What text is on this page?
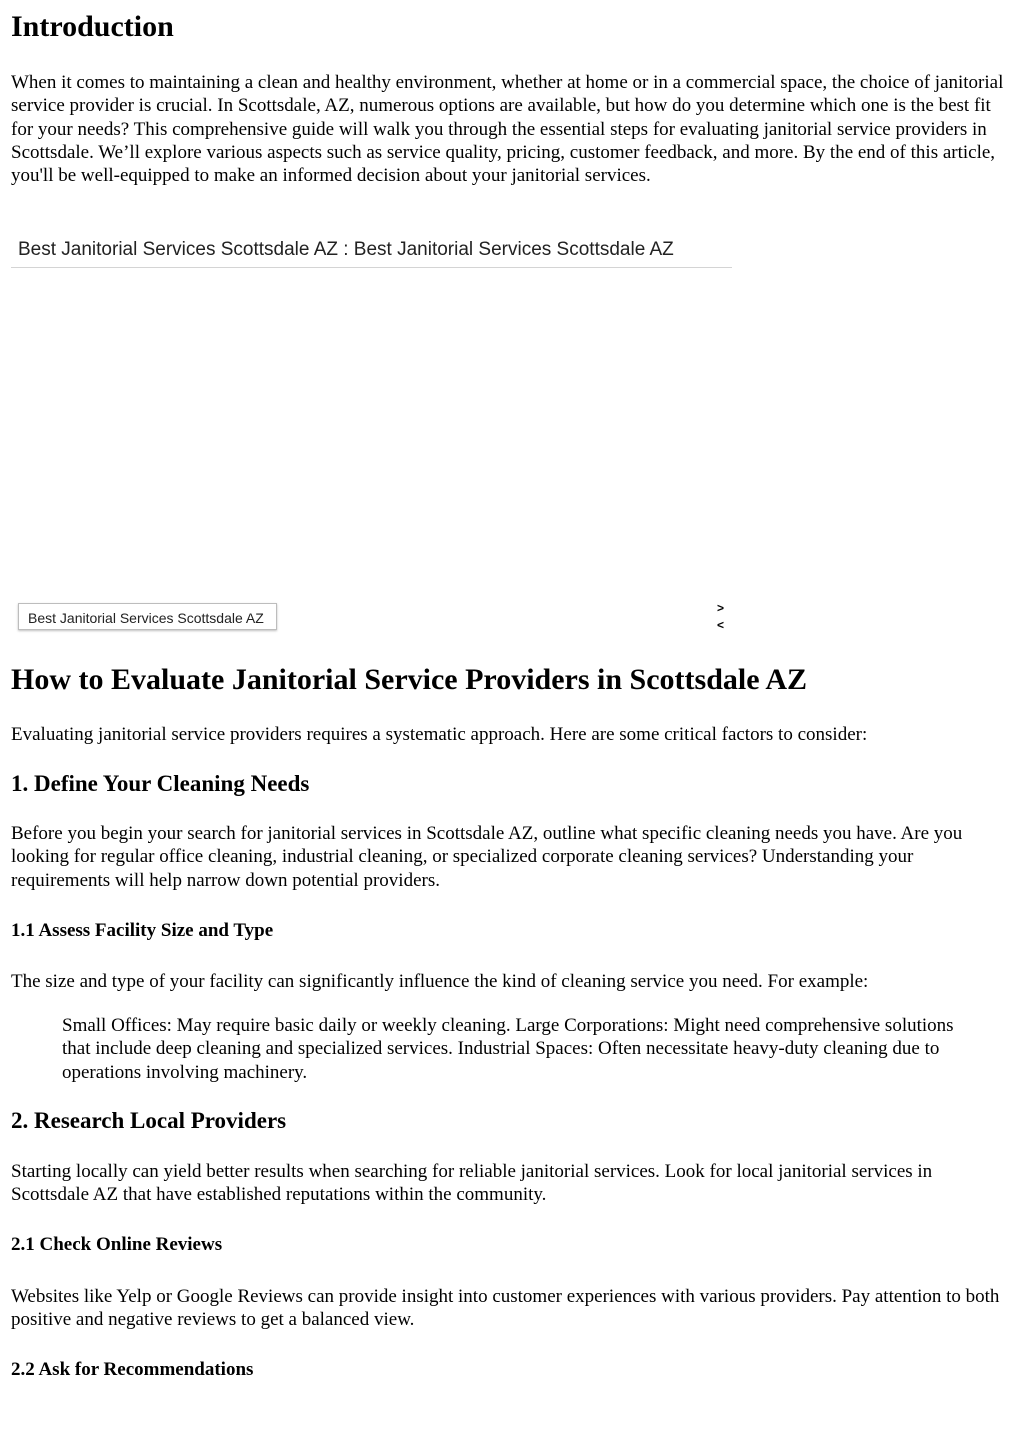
Introduction

When it comes to maintaining a clean and healthy environment, whether at home or in a commercial space, the choice of janitorial service provider is crucial. In Scottsdale, AZ, numerous options are available, but how do you determine which one is the best fit for your needs? This comprehensive guide will walk you through the essential steps for evaluating janitorial service providers in Scottsdale. We’ll explore various aspects such as service quality, pricing, customer feedback, and more. By the end of this article, you'll be well-equipped to make an informed decision about your janitorial services.

Best Janitorial Services Scottsdale AZ : Best Janitorial Services Scottsdale AZ
Best Janitorial Services Scottsdale AZ
>
<
How to Evaluate Janitorial Service Providers in Scottsdale AZ

Evaluating janitorial service providers requires a systematic approach. Here are some critical factors to consider:

1. Define Your Cleaning Needs

Before you begin your search for janitorial services in Scottsdale AZ, outline what specific cleaning needs you have. Are you looking for regular office cleaning, industrial cleaning, or specialized corporate cleaning services? Understanding your requirements will help narrow down potential providers.

1.1 Assess Facility Size and Type

The size and type of your facility can significantly influence the kind of cleaning service you need. For example:

Small Offices: May require basic daily or weekly cleaning. Large Corporations: Might need comprehensive solutions that include deep cleaning and specialized services. Industrial Spaces: Often necessitate heavy-duty cleaning due to operations involving machinery.

2. Research Local Providers

Starting locally can yield better results when searching for reliable janitorial services. Look for local janitorial services in Scottsdale AZ that have established reputations within the community.

2.1 Check Online Reviews

Websites like Yelp or Google Reviews can provide insight into customer experiences with various providers. Pay attention to both positive and negative reviews to get a balanced view.

2.2 Ask for Recommendations
